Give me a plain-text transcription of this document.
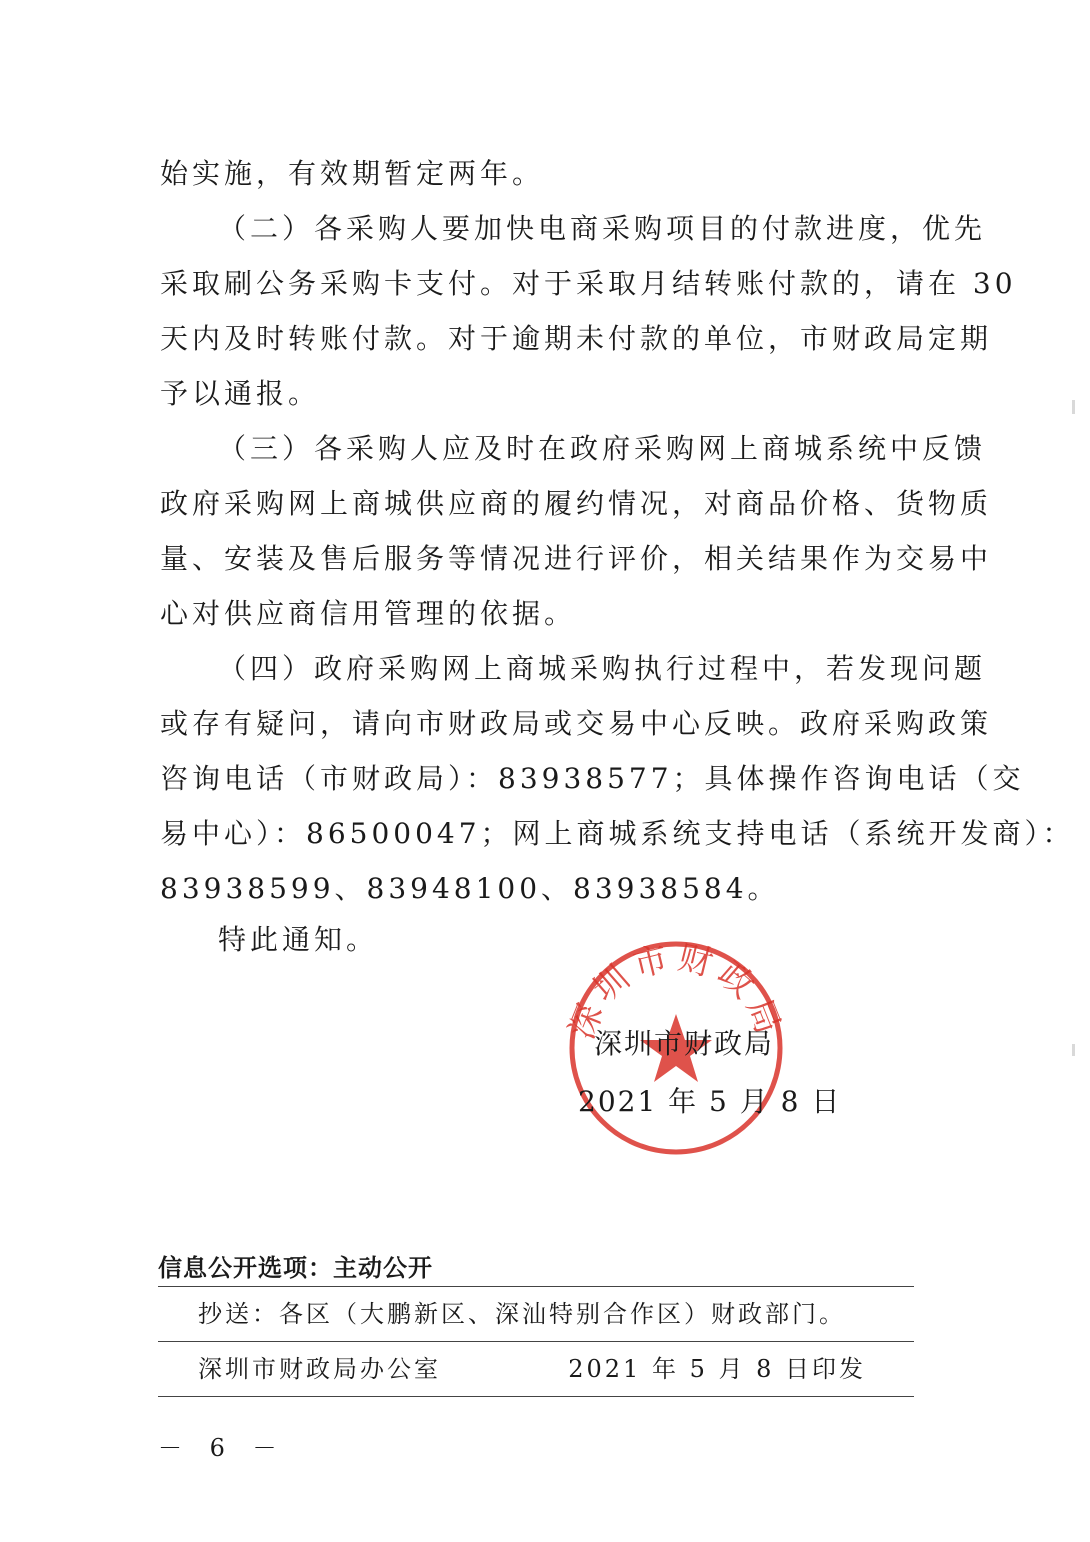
始实施，有效期暂定两年。
（二）各采购人要加快电商采购项目的付款进度，优先
采取刷公务采购卡支付。对于采取月结转账付款的，请在 30
天内及时转账付款。对于逾期未付款的单位，市财政局定期
予以通报。
（三）各采购人应及时在政府采购网上商城系统中反馈
政府采购网上商城供应商的履约情况，对商品价格、货物质
量、安装及售后服务等情况进行评价，相关结果作为交易中
心对供应商信用管理的依据。
（四）政府采购网上商城采购执行过程中，若发现问题
或存有疑问，请向市财政局或交易中心反映。政府采购政策
咨询电话（市财政局）：83938577；具体操作咨询电话（交
易中心）：86500047；网上商城系统支持电话（系统开发商）：
83938599、83948100、83938584。
特此通知。
深圳市财政局
深圳市财政局
2021 年 5 月 8 日
信息公开选项：主动公开
抄送：各区（大鹏新区、深汕特别合作区）财政部门。
深圳市财政局办公室	2021 年 5 月 8 日印发
－ 6 －
